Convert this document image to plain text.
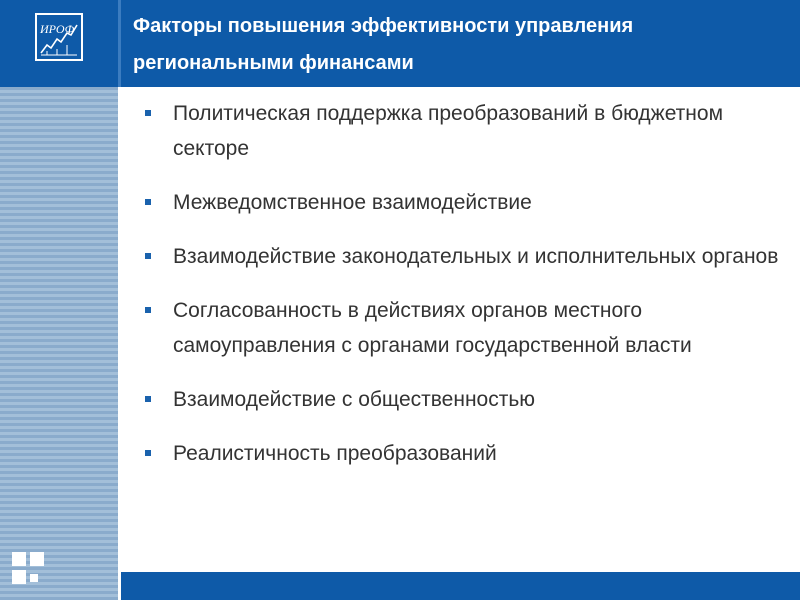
ИРОФ	Факторы повышения эффективности управления региональными финансами
Политическая поддержка преобразований в бюджетном секторе
Межведомственное взаимодействие
Взаимодействие законодательных и исполнительных органов
Согласованность в действиях органов местного самоуправления с органами государственной власти
Взаимодействие с общественностью
Реалистичность преобразований
